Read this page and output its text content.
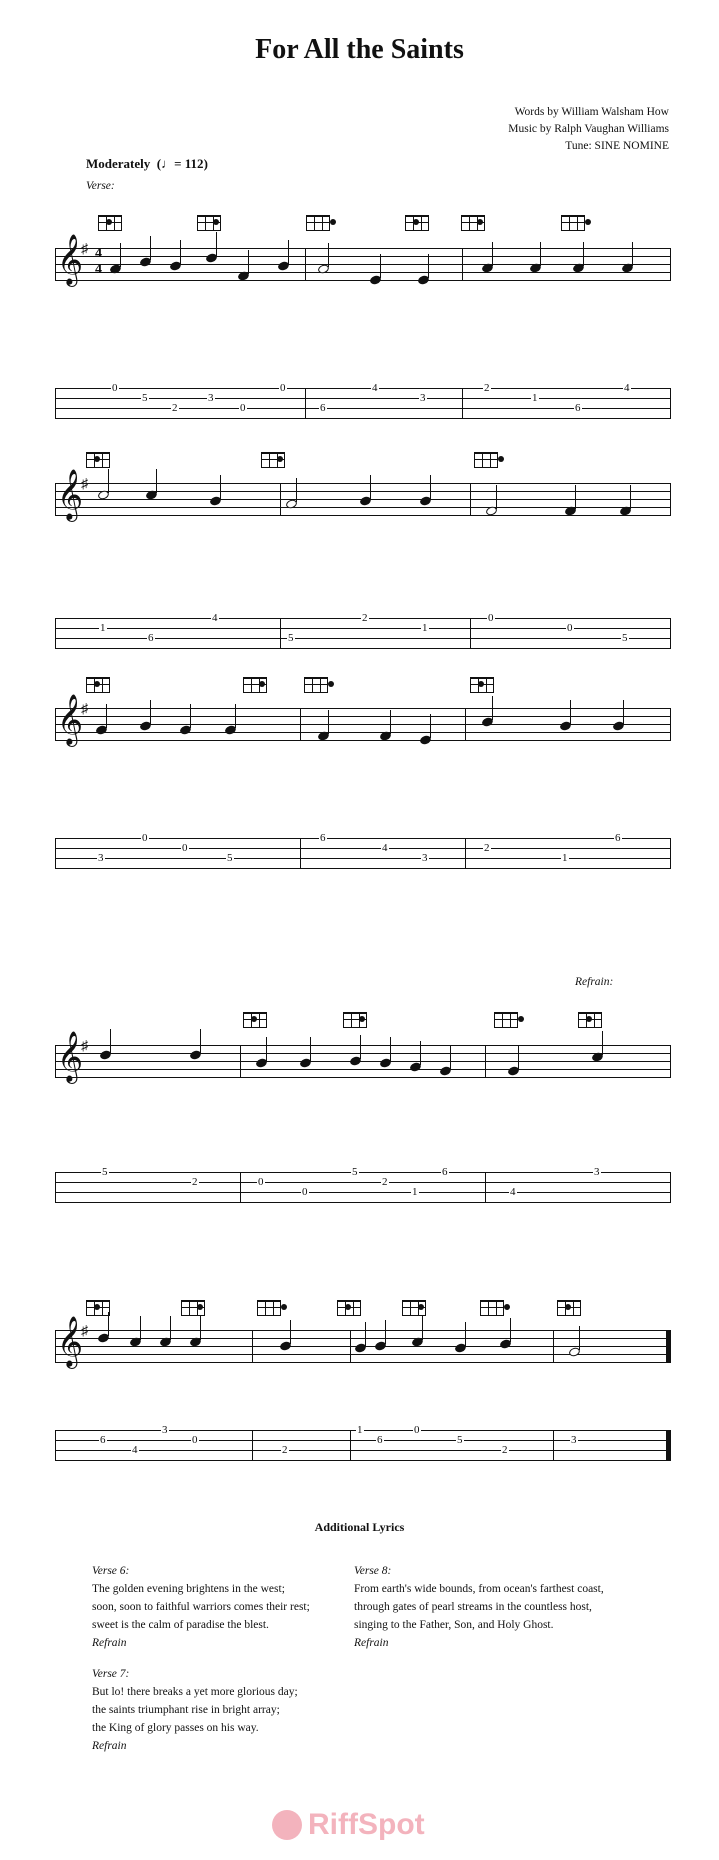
For All the Saints
Words by William Walsham How
Music by Ralph Vaughan Williams
Tune: SINE NOMINE
Moderately  (♩= 112)
Verse:
Refrain:
𝄞
♯ 4
4
0
5
2
3
0
0
6
4
3
2
1
6
4
𝄞
♯
1
6
4
5
2
1
0
0
5
𝄞
♯
3
0
0
5
6
4
3
2
1
6
𝄞
♯
5
2	0
0
5
2
1
6
4
3
𝄞
♯
6
4
3
0
2
1
6
0
5
2
3
Additional Lyrics
Verse 6:
The golden evening brightens in the west;
soon, soon to faithful warriors comes their rest;
sweet is the calm of paradise the blest.
Refrain
Verse 7:
But lo! there breaks a yet more glorious day;
the saints triumphant rise in bright array;
the King of glory passes on his way.
Refrain
Verse 8:
From earth's wide bounds, from ocean's farthest coast,
through gates of pearl streams in the countless host,
singing to the Father, Son, and Holy Ghost.
Refrain
RiffSpot
